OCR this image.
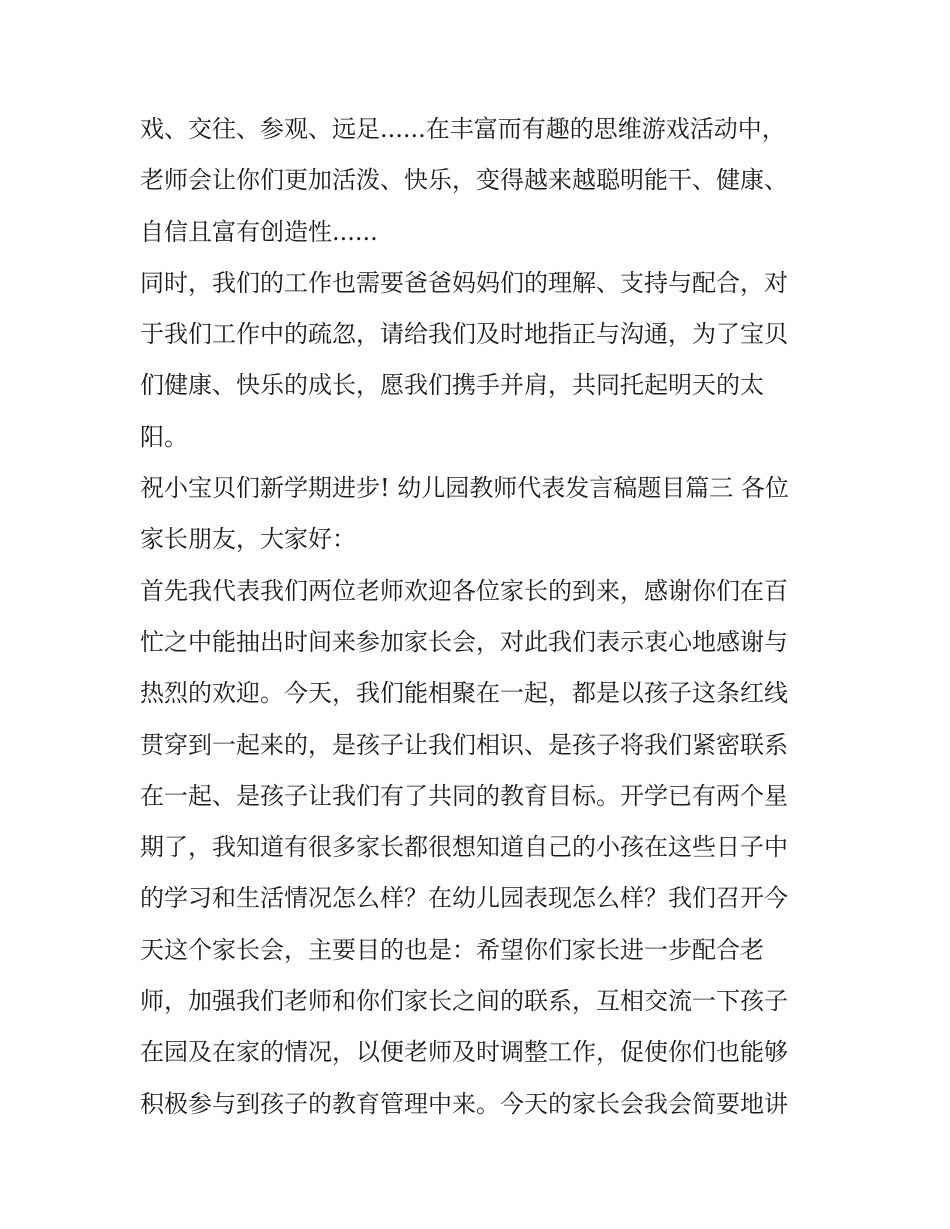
戏、交往、参观、远足......在丰富而有趣的思维游戏活动中，
老师会让你们更加活泼、快乐，变得越来越聪明能干、健康、
自信且富有创造性......
同时，我们的工作也需要爸爸妈妈们的理解、支持与配合，对
于我们工作中的疏忽，请给我们及时地指正与沟通，为了宝贝
们健康、快乐的成长，愿我们携手并肩，共同托起明天的太
阳。
祝小宝贝们新学期进步! 幼儿园教师代表发言稿题目篇三 各位
家长朋友，大家好：
首先我代表我们两位老师欢迎各位家长的到来，感谢你们在百
忙之中能抽出时间来参加家长会，对此我们表示衷心地感谢与
热烈的欢迎。今天，我们能相聚在一起，都是以孩子这条红线
贯穿到一起来的，是孩子让我们相识、是孩子将我们紧密联系
在一起、是孩子让我们有了共同的教育目标。开学已有两个星
期了，我知道有很多家长都很想知道自己的小孩在这些日子中
的学习和生活情况怎么样？在幼儿园表现怎么样？我们召开今
天这个家长会，主要目的也是：希望你们家长进一步配合老
师，加强我们老师和你们家长之间的联系，互相交流一下孩子
在园及在家的情况，以便老师及时调整工作，促使你们也能够
积极参与到孩子的教育管理中来。今天的家长会我会简要地讲
